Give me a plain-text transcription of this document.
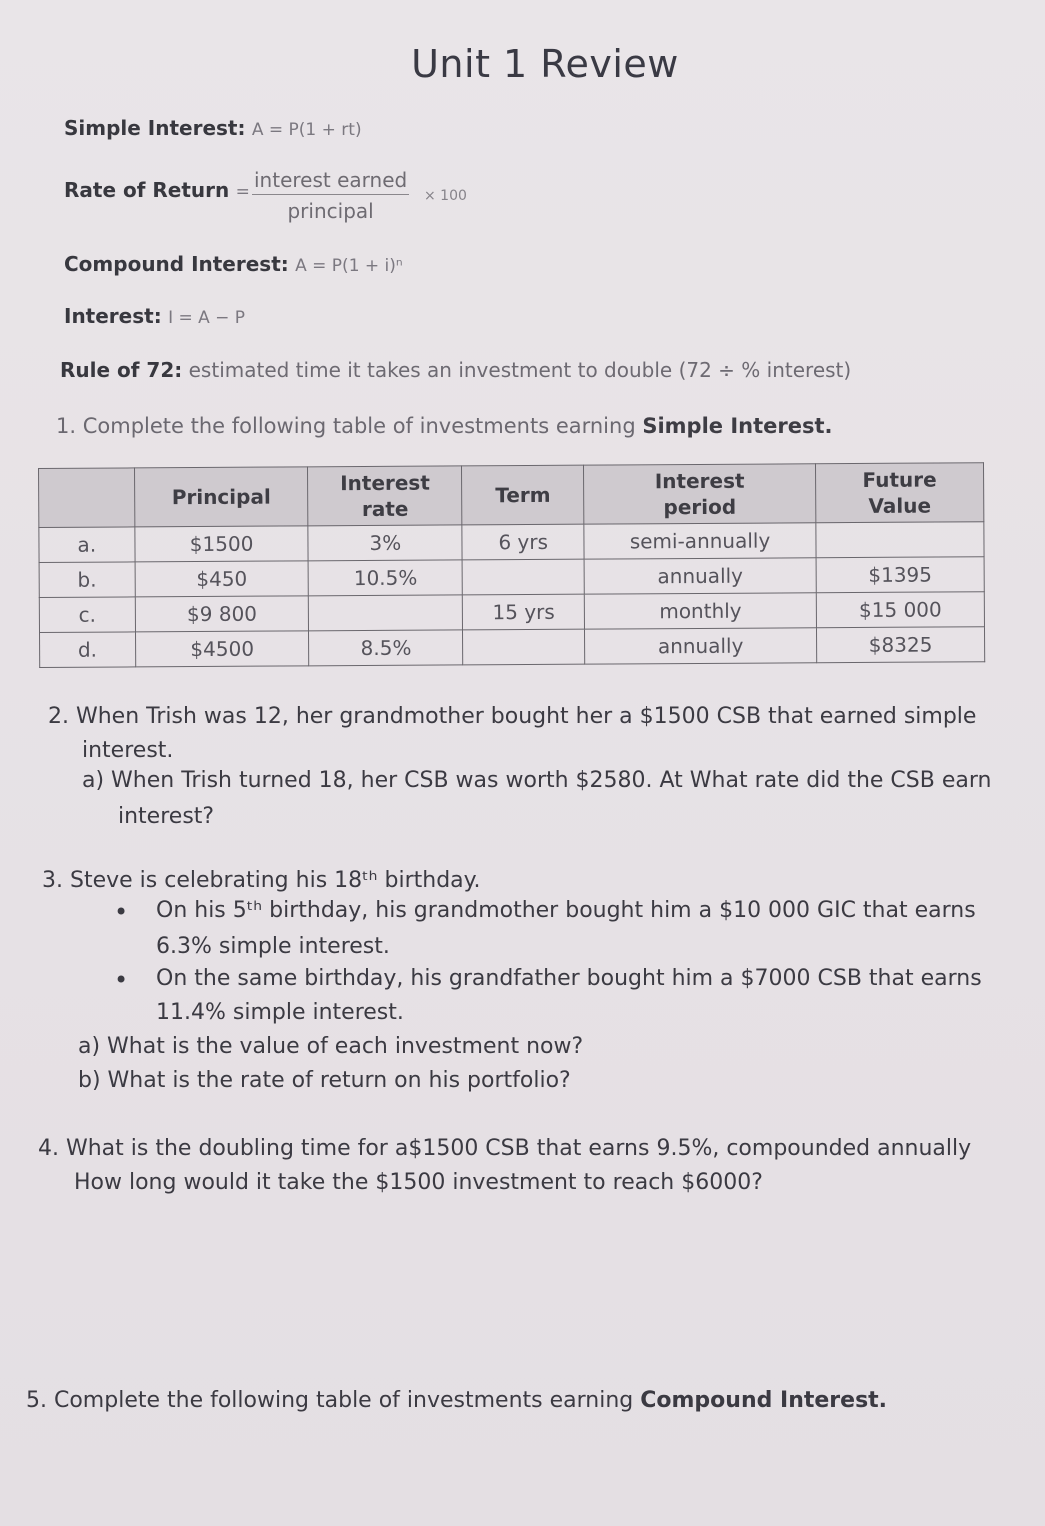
Unit 1 Review
Simple Interest: A = P(1 + rt)
Rate of Return = interest earned
principal
× 100
Compound Interest: A = P(1 + i)ⁿ
Interest: I = A − P
Rule of 72: estimated time it takes an investment to double (72 ÷ % interest)
1. Complete the following table of investments earning Simple Interest.
	Principal	Interest rate	Term	Interest period	Future Value
a.	$1500	3%	6 yrs	semi-annually	
b.	$450	10.5%		annually	$1395
c.	$9 800		15 yrs	monthly	$15 000
d.	$4500	8.5%		annually	$8325
2. When Trish was 12, her grandmother bought her a $1500 CSB that earned simple
interest.
a) When Trish turned 18, her CSB was worth $2580. At What rate did the CSB earn
interest?
3. Steve is celebrating his 18ᵗʰ birthday.
• On his 5ᵗʰ birthday, his grandmother bought him a $10 000 GIC that earns
6.3% simple interest.
• On the same birthday, his grandfather bought him a $7000 CSB that earns
11.4% simple interest.
a) What is the value of each investment now?
b) What is the rate of return on his portfolio?
4. What is the doubling time for a$1500 CSB that earns 9.5%, compounded annually
How long would it take the $1500 investment to reach $6000?
5. Complete the following table of investments earning Compound Interest.
